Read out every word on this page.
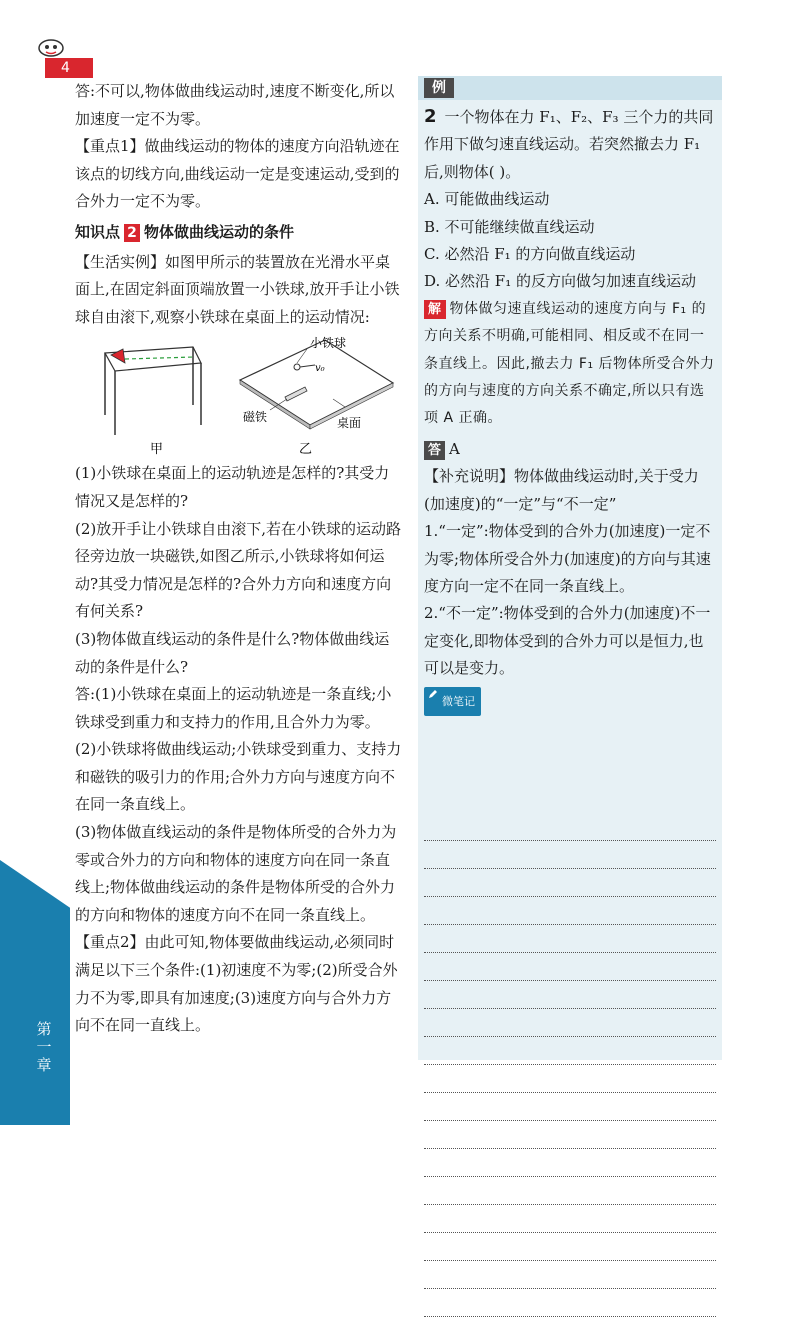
第一章
4

答:不可以,物体做曲线运动时,速度不断变化,所以加速度一定不为零。

【重点1】做曲线运动的物体的速度方向沿轨迹在该点的切线方向,曲线运动一定是变速运动,受到的合外力一定不为零。

知识点 2 物体做曲线运动的条件

【生活实例】如图甲所示的装置放在光滑水平桌面上,在固定斜面顶端放置一小铁球,放开手让小铁球自由滚下,观察小铁球在桌面上的运动情况:

甲
小铁球
v₀
磁铁	桌面
乙

(1)小铁球在桌面上的运动轨迹是怎样的?其受力情况又是怎样的?

(2)放开手让小铁球自由滚下,若在小铁球的运动路径旁边放一块磁铁,如图乙所示,小铁球将如何运动?其受力情况是怎样的?合外力方向和速度方向有何关系?

(3)物体做直线运动的条件是什么?物体做曲线运动的条件是什么?

答:(1)小铁球在桌面上的运动轨迹是一条直线;小铁球受到重力和支持力的作用,且合外力为零。

(2)小铁球将做曲线运动;小铁球受到重力、支持力和磁铁的吸引力的作用;合外力方向与速度方向不在同一条直线上。

(3)物体做直线运动的条件是物体所受的合外力为零或合外力的方向和物体的速度方向在同一条直线上;物体做曲线运动的条件是物体所受的合外力的方向和物体的速度方向不在同一条直线上。

【重点2】由此可知,物体要做曲线运动,必须同时满足以下三个条件:(1)初速度不为零;(2)所受合外力不为零,即具有加速度;(3)速度方向与合外力方向不在同一直线上。

例

2 一个物体在力 F₁、F₂、F₃ 三个力的共同作用下做匀速直线运动。若突然撤去力 F₁ 后,则物体( )。

A. 可能做曲线运动

B. 不可能继续做直线运动

C. 必然沿 F₁ 的方向做直线运动

D. 必然沿 F₁ 的反方向做匀加速直线运动

解 物体做匀速直线运动的速度方向与 F₁ 的方向关系不明确,可能相同、相反或不在同一条直线上。因此,撤去力 F₁ 后物体所受合外力的方向与速度的方向关系不确定,所以只有选项 A 正确。

答 A

【补充说明】物体做曲线运动时,关于受力(加速度)的“一定”与“不一定”

1.“一定”:物体受到的合外力(加速度)一定不为零;物体所受合外力(加速度)的方向与其速度方向一定不在同一条直线上。

2.“不一定”:物体受到的合外力(加速度)不一定变化,即物体受到的合外力可以是恒力,也可以是变力。

微笔记
